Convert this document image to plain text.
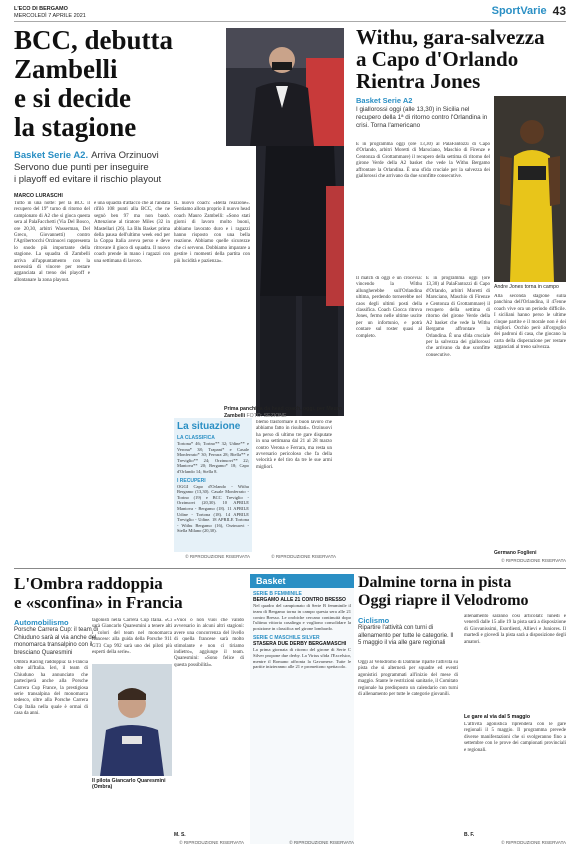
L'ECO DI BERGAMO
MERCOLEDÌ 7 APRILE 2021	SportVarie 43
BCC, debutta
Zambelli
e si decide
la stagione
Basket Serie A2. Arriva Orzinuovi
Servono due punti per inseguire
i playoff ed evitare il rischio playout
MARCO LURASCHI
Tutto in una notte: per la BCC il recupero del 19° turno di ritorno del campionato di A2 che si gioca questa sera al PalaFacchetti (Via Del Bosco, ore 20,30, arbitri Wasserman, Del Greco, Giovannetti) contro l'Agribertocchi Orzinuovi rappresenta lo snodo più importante della stagione. La squadra di Zambelli arriva all'appuntamento con la necessità di vincere per restare agganciata al treno dei playoff e allontanare la zona playout.
è una squadra d'attacco che al l'andata rifilò 108 punti alla BCC, che ne segnò ben 97 ma non bastò. Attenzione al tiratore Miles (32 in Mastellari (26). La Blu Basket prima della pausa dell'ultimo week end per la Coppa Italia aveva perso e deve ritrovare il gioco di squadra. Il nuovo coach prende in mano i ragazzi con una settimana di lavoro.
IL nuovo coach: «Bella reazione». Sentiamo allora proprio il nuovo head coach Mauro Zambelli: «Sono stati giorni di lavoro molto buoni, abbiamo lavorato duro e i ragazzi hanno risposto con una bella reazione. Abbiamo quelle sicurezze che ci servono. Dobbiamo imparare a gestire i momenti della partita con più lucidità e pazienza».
blemo trasformare il buon lavoro che abbiamo fatto in risultati». Orzinuovi ha perso di ultimo tre gare disputate in una settimana dal 21 al 28 marzo contro Verona e Ferrara, ma resta un avversario pericoloso che fa della velocità e del tiro da tre le sue armi migliori.
Prima panchina da head coach, oggi, per Mauro Zambelli FOTO: SEZIONE
La situazione
LA CLASSIFICA
Tortona* 46; Torino** 32; Udine** e Verona* 38; Trapani* e Casale Monferrato* 30; Ferrara 28; Biella** e Treviglio** 24; Orzinuovi** 22; Mantova** 20; Bergamo* 18; Capo d'Orlando 14; Stella 8.
I RECUPERI
OGGI Capo d'Orlando - Withu Bergamo (13,30). Casale Monferrato - Torino (19) e BCC Treviglio - Orzinuovi (20,30). 10 APRILE Mantova - Bergamo (18). 11 APRILE Udine - Tortona (18). 14 APRILE Treviglio - Udine. 18 APRILE Tortona - Withu Bergamo (16), Orzinuovi - Stella Milano (20,30).
© RIPRODUZIONE RISERVATA	© RIPRODUZIONE RISERVATA
Withu, gara-salvezza
a Capo d'Orlando
Rientra Jones
Basket Serie A2
I giallorossi oggi (alle 13,30) in Sicilia nel recupero della 1ª di ritorno contro l'Orlandina in crisi. Torna l'americano
È in programma oggi (ore 13,30) al PalaFantozzi di Capo d'Orlando, arbitri Moretti di Marsciano, Maschio di Firenze e Centonza di Grottammare) il recupero della settima di ritorno del girone Verde della A2 basket che vede la Withu Bergamo affrontare la Orlandina. È una sfida cruciale per la salvezza dei giallorossi che arrivano da due sconfitte consecutive.
Il match di oggi è un crocevia: vincendo la Withu allungherebbe sull'Orlandina ultima, perdendo tornerebbe nel caos degli ultimi posti della classifica. Coach Ciocca ritrova Jones, fermo nelle ultime uscite per un infortunio, e potrà contare sul roster quasi al completo.
È in programma oggi (ore 13,30) al PalaFantozzi di Capo d'Orlando, arbitri Moretti di Marsciano, Maschio di Firenze e Centonza di Grottammare) il recupero della settima di ritorno del girone Verde della A2 basket che vede la Withu Bergamo affrontare la Orlandina. È una sfida cruciale per la salvezza dei giallorossi che arrivano da due sconfitte consecutive.
Andre Jones torna in campo
Alla seconda stagione sulla panchina dell'Orlandina, il 47enne coach vive ora un periodo difficile. I siciliani hanno perso le ultime cinque partite e il morale non è dei migliori. Occhio però all'orgoglio dei padroni di casa, che giocano la carta della disperazione per restare agganciati al treno salvezza.
Germano Foglieni
© RIPRODUZIONE RISERVATA
L'Ombra raddoppia
e «sconfina» in Francia
Automobilismo
Porsche Carrera Cup: il team di Chiuduno sarà al via anche del monomarca transalpino con il bresciano Quaresmini
Ombra Racing raddoppia: la Francia oltre all'Italia. Ieri, il team di Chiuduno ha annunciato che parteciperà anche alla Porsche Carrera Cup France, la prestigiosa serie transalpina del monomarca tedesco, oltre alla Porsche Carrera Cup Italia nella quale è ormai di casa da anni.
tagonisti nella Carrera Cup Italia. «Ci sarà Giancarlo Quaresmini a tenere alti i colori del team nel monomarca francese: alla guida della Porsche 911 GT3 Cup 992 sarà uno dei piloti più esperti della serie».
Il pilota Giancarlo Quaresmini (Ombra)
«Vuoi o non vuoi che valido avversario in alcuni altri stagioni: avere una concorrenza del livello di quella francese sarà molto stimolante e non ci tiriamo indietro», aggiunge il team. Quaresmini: «Sono felice di questa possibilità».
M. S.
© RIPRODUZIONE RISERVATA
Basket
SERIE B FEMMINILE
BERGAMO ALLE 21 CONTRO BRESSO
Nel quadro del campionato di Serie B femminile il team di Bergamo torna in campo questa sera alle 21 contro Bresso. Le orobiche cercano continuità dopo l'ultima vittoria casalinga e vogliono consolidare la posizione in classifica nel girone lombardo.
SERIE C MASCHILE SILVER
STASERA DUE DERBY BERGAMASCHI
La prima giornata di ritorno del girone di Serie C Silver propone due derby. La Virtus sfida l'Excelsior, mentre il Romano affronta la Gavarnese. Tutte le partite inizieranno alle 21 e promettono spettacolo.
© RIPRODUZIONE RISERVATA
Dalmine torna in pista
Oggi riapre il Velodromo
Ciclismo
Ripartire l'attività con turni di allenamento per tutte le categorie. Il 5 maggio il via alle gare regionali
Oggi al Velodromo di Dalmine riparte l'attività su pista che si alternerà per squadre ed eventi agonistici programmati all'inizio del mese di maggio. Stante le restrizioni sanitarie, il Comitato regionale ha predisposto un calendario con turni di allenamento per tutte le categorie giovanili.
allenamento saranno così articolati: lunedì e venerdì dalle 15 alle 19 la pista sarà a disposizione di Giovanissimi, Esordienti, Allievi e Juniores. Il martedì e giovedì la pista sarà a disposizione degli amatori.
Le gare al via dal 5 maggio
L'attività agonistica riprenderà con le gare regionali il 5 maggio. Il programma prevede diverse manifestazioni che si svolgeranno fino a settembre con le prove dei campionati provinciali e regionali.
B. F.
© RIPRODUZIONE RISERVATA
